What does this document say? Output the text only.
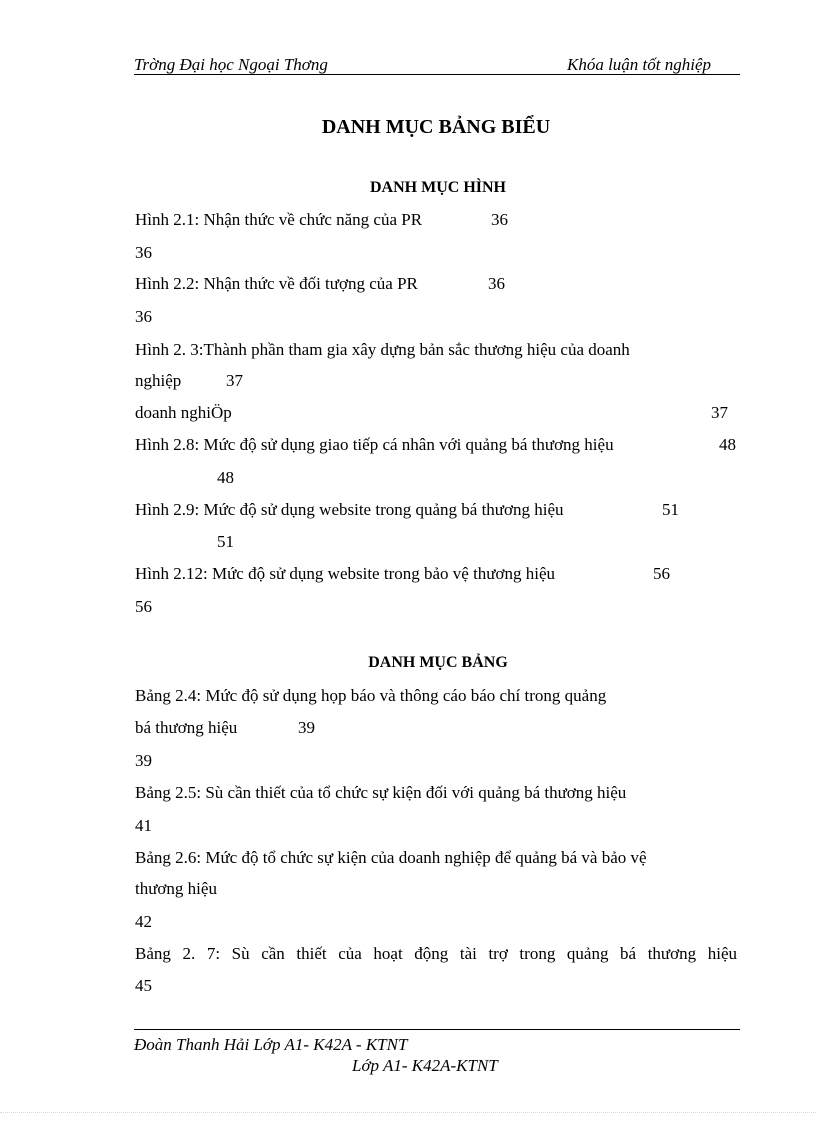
Trờng Đại học Ngoại Thơng	Khóa luận tốt nghiệp
DANH MỤC BẢNG BIỂU
DANH MỤC HÌNH
Hình 2.1: Nhận thức về chức năng của PR	36
36
Hình 2.2: Nhận thức về đối tượng của PR	36
36
Hình 2. 3:Thành phần tham gia xây dựng bản sắc thương hiệu của doanh
nghiệp	37
doanh nghiÖp	37
Hình 2.8: Mức độ sử dụng giao tiếp cá nhân với quảng bá thương hiệu	48
48
Hình 2.9: Mức độ sử dụng website trong quảng bá thương hiệu	51
51
Hình 2.12: Mức độ sử dụng website trong bảo vệ thương hiệu	56
56
DANH MỤC BẢNG
Bảng 2.4: Mức độ sử dụng họp báo và thông cáo báo chí trong quảng
bá thương hiệu	39
39
Bảng 2.5: Sù cần thiết của tổ chức sự kiện đối với quảng bá thương hiệu
41
Bảng 2.6: Mức độ tổ chức sự kiện của doanh nghiệp để quảng bá và bảo vệ
thương hiệu
42
Bảng 2. 7: Sù cần thiết của hoạt động tài trợ trong quảng bá thương hiệu
45
Đoàn Thanh Hải Lớp A1- K42A - KTNT
Lớp A1- K42A-KTNT
